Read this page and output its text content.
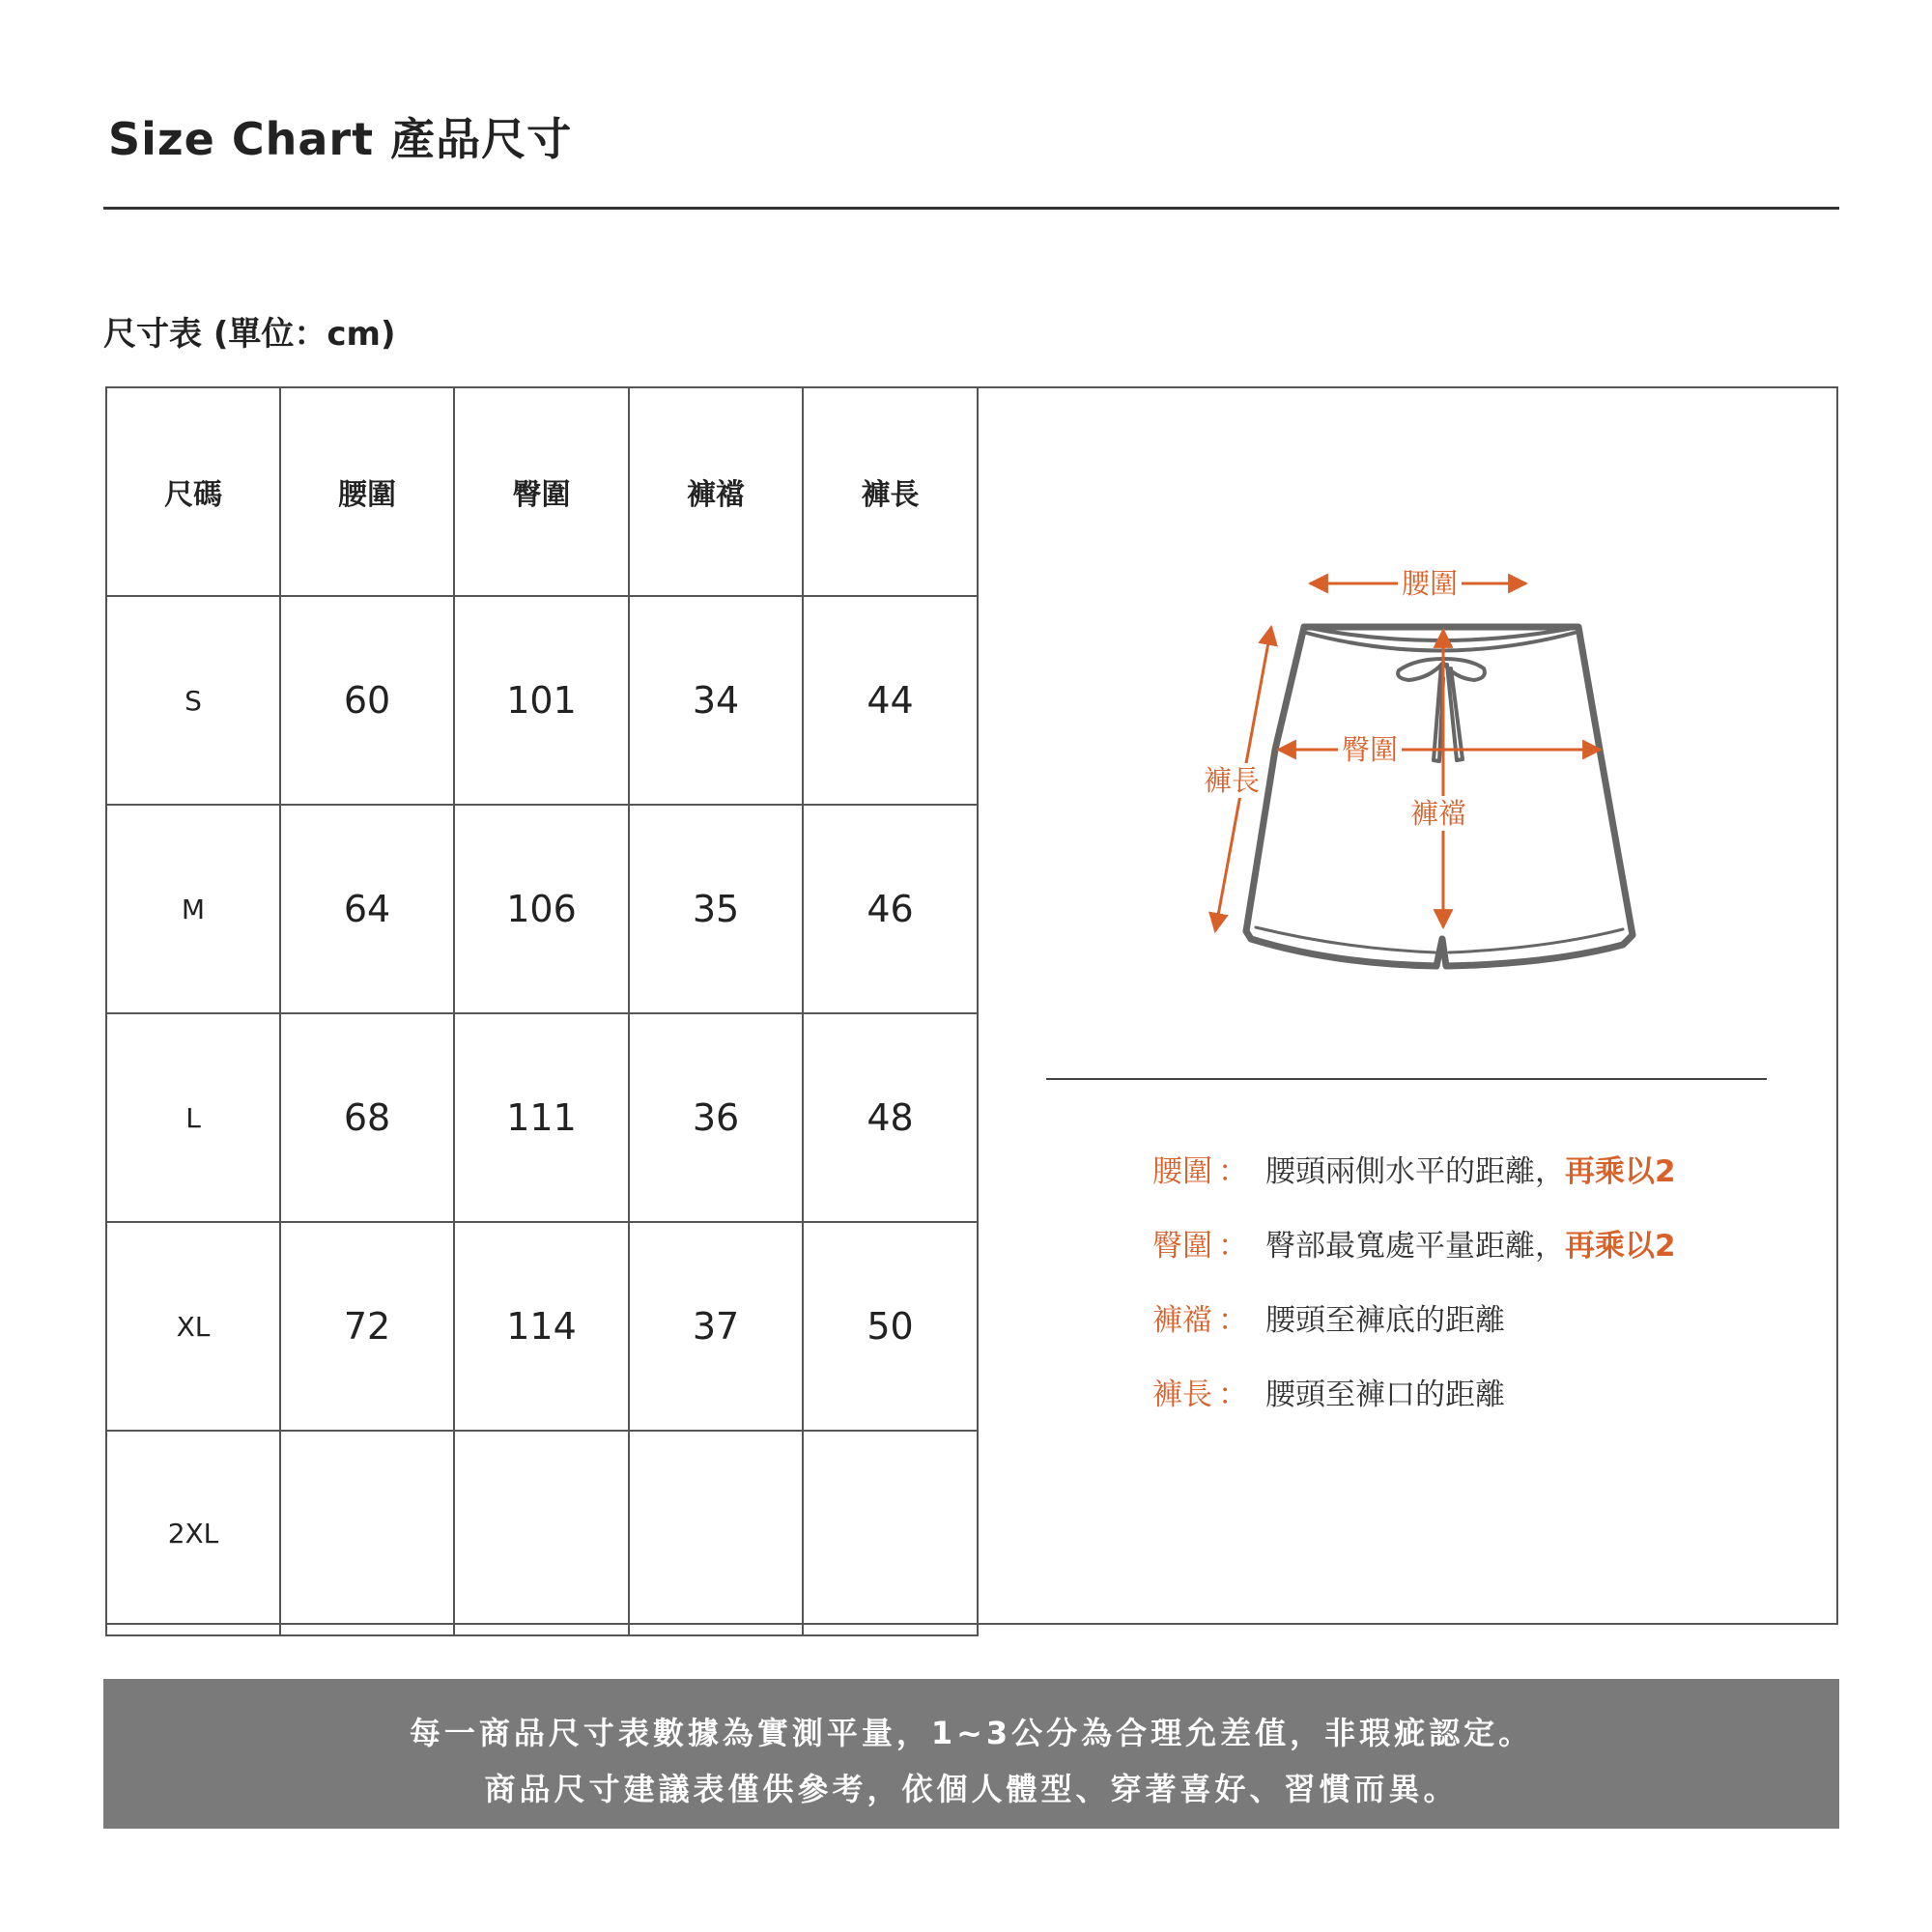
Size Chart 產品尺寸
尺寸表 (單位：cm)
尺碼	腰圍	臀圍	褲襠	褲長
S	60	101	34	44
M	64	106	35	46
L	68	111	36	48
XL	72	114	37	50
2XL				
腰圍
臀圍
褲襠
褲長
腰圍 ： 腰頭兩側水平的距離，再乘以2
臀圍 ： 臀部最寬處平量距離，再乘以2
褲襠 ： 腰頭至褲底的距離
褲長 ： 腰頭至褲口的距離
每一商品尺寸表數據為實測平量，1~3公分為合理允差值，非瑕疵認定。
商品尺寸建議表僅供參考，依個人體型、穿著喜好、習慣而異。
